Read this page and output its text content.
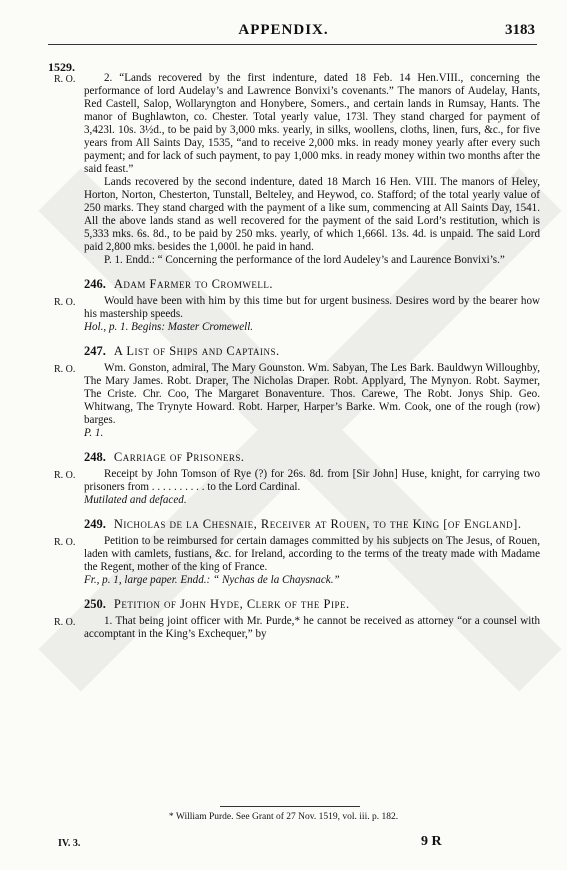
APPENDIX.	3183
1529.
R. O.	2. “Lands recovered by the first indenture, dated 18 Feb. 14 Hen.VIII., concerning the performance of lord Audelay’s and Lawrence Bonvixi’s covenants.” The manors of Audelay, Hants, Red Castell, Salop, Wollaryngton and Honybere, Somers., and certain lands in Rumsay, Hants. The manor of Bughlawton, co. Chester. Total yearly value, 173l. They stand charged for payment of 3,423l. 10s. 3½d., to be paid by 3,000 mks. yearly, in silks, woollens, cloths, linen, furs, &c., for five years from All Saints Day, 1535, “and to receive 2,000 mks. in ready money yearly after every such payment; and for lack of such payment, to pay 1,000 mks. in ready money within two months after the said feast.”

Lands recovered by the second indenture, dated 18 March 16 Hen. VIII. The manors of Heley, Horton, Norton, Chesterton, Tunstall, Belteley, and Heywod, co. Stafford; of the total yearly value of 250 marks. They stand charged with the payment of a like sum, commencing at All Saints Day, 1541. All the above lands stand as well recovered for the payment of the said Lord’s restitution, which is 5,333 mks. 6s. 8d., to be paid by 250 mks. yearly, of which 1,666l. 13s. 4d. is unpaid. The said Lord paid 2,800 mks. besides the 1,000l. he paid in hand.

P. 1. Endd.: “ Concerning the performance of the lord Audeley’s and Laurence Bonvixi’s.”

246. Adam Farmer to Cromwell.
R. O.	Would have been with him by this time but for urgent business. Desires word by the bearer how his mastership speeds.

Hol., p. 1. Begins: Master Cromewell.

247. A List of Ships and Captains.
R. O.	Wm. Gonston, admiral, The Mary Gounston. Wm. Sabyan, The Les Bark. Bauldwyn Willoughby, The Mary James. Robt. Draper, The Nicholas Draper. Robt. Applyard, The Mynyon. Robt. Saymer, The Criste. Chr. Coo, The Margaret Bonaventure. Thos. Carewe, The Robt. Jonys Ship. Geo. Whitwang, The Trynyte Howard. Robt. Harper, Harper’s Barke. Wm. Cook, one of the rough (row) barges.

P. 1.

248. Carriage of Prisoners.
R. O.	Receipt by John Tomson of Rye (?) for 26s. 8d. from [Sir John] Huse, knight, for carrying two prisoners from . . . . . . . . . . to the Lord Cardinal.

Mutilated and defaced.

249. Nicholas de la Chesnaie, Receiver at Rouen, to the King [of England].
R. O.	Petition to be reimbursed for certain damages committed by his subjects on The Jesus, of Rouen, laden with camlets, fustians, &c. for Ireland, according to the terms of the treaty made with Madame the Regent, mother of the king of France.

Fr., p. 1, large paper. Endd.: “ Nychas de la Chaysnack.”

250. Petition of John Hyde, Clerk of the Pipe.
R. O.	1. That being joint officer with Mr. Purde,* he cannot be received as attorney “or a counsel with accomptant in the King’s Exchequer,” by

* William Purde. See Grant of 27 Nov. 1519, vol. iii. p. 182.
IV. 3.	9 R
